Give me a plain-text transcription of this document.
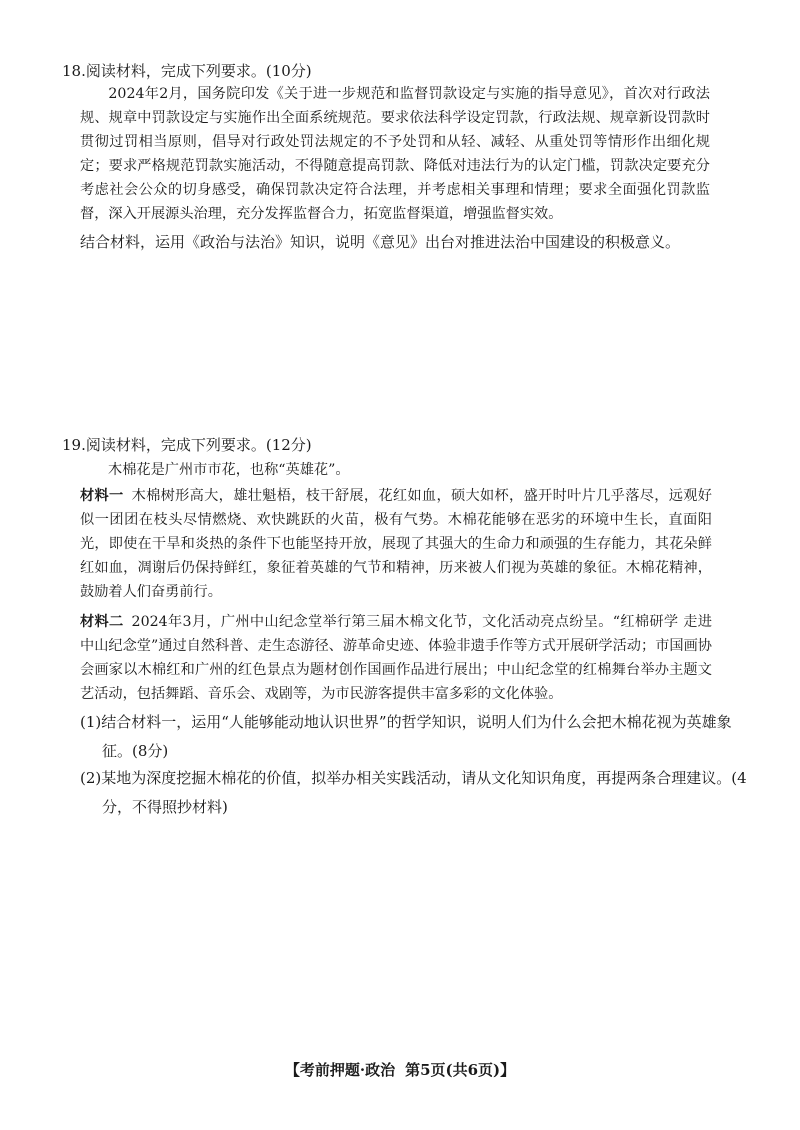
18.阅读材料，完成下列要求。(10分)
2024年2月，国务院印发《关于进一步规范和监督罚款设定与实施的指导意见》，首次对行政法规、规章中罚款设定与实施作出全面系统规范。要求依法科学设定罚款，行政法规、规章新设罚款时贯彻过罚相当原则，倡导对行政处罚法规定的不予处罚和从轻、减轻、从重处罚等情形作出细化规定；要求严格规范罚款实施活动，不得随意提高罚款、降低对违法行为的认定门槛，罚款决定要充分考虑社会公众的切身感受，确保罚款决定符合法理，并考虑相关事理和情理；要求全面强化罚款监督，深入开展源头治理，充分发挥监督合力，拓宽监督渠道，增强监督实效。
结合材料，运用《政治与法治》知识，说明《意见》出台对推进法治中国建设的积极意义。
19.阅读材料，完成下列要求。(12分)
木棉花是广州市市花，也称“英雄花”。
材料一 木棉树形高大，雄壮魁梧，枝干舒展，花红如血，硕大如杯，盛开时叶片几乎落尽，远观好似一团团在枝头尽情燃烧、欢快跳跃的火苗，极有气势。木棉花能够在恶劣的环境中生长，直面阳光，即使在干旱和炎热的条件下也能坚持开放，展现了其强大的生命力和顽强的生存能力，其花朵鲜红如血，凋谢后仍保持鲜红，象征着英雄的气节和精神，历来被人们视为英雄的象征。木棉花精神，鼓励着人们奋勇前行。
材料二 2024年3月，广州中山纪念堂举行第三届木棉文化节，文化活动亮点纷呈。“红棉研学 走进中山纪念堂”通过自然科普、走生态游径、游革命史迹、体验非遗手作等方式开展研学活动；市国画协会画家以木棉红和广州的红色景点为题材创作国画作品进行展出；中山纪念堂的红棉舞台举办主题文艺活动，包括舞蹈、音乐会、戏剧等，为市民游客提供丰富多彩的文化体验。
(1)结合材料一，运用“人能够能动地认识世界”的哲学知识，说明人们为什么会把木棉花视为英雄象征。(8分)
(2)某地为深度挖掘木棉花的价值，拟举办相关实践活动，请从文化知识角度，再提两条合理建议。(4分，不得照抄材料)
【考前押题·政治 第5页(共6页)】
